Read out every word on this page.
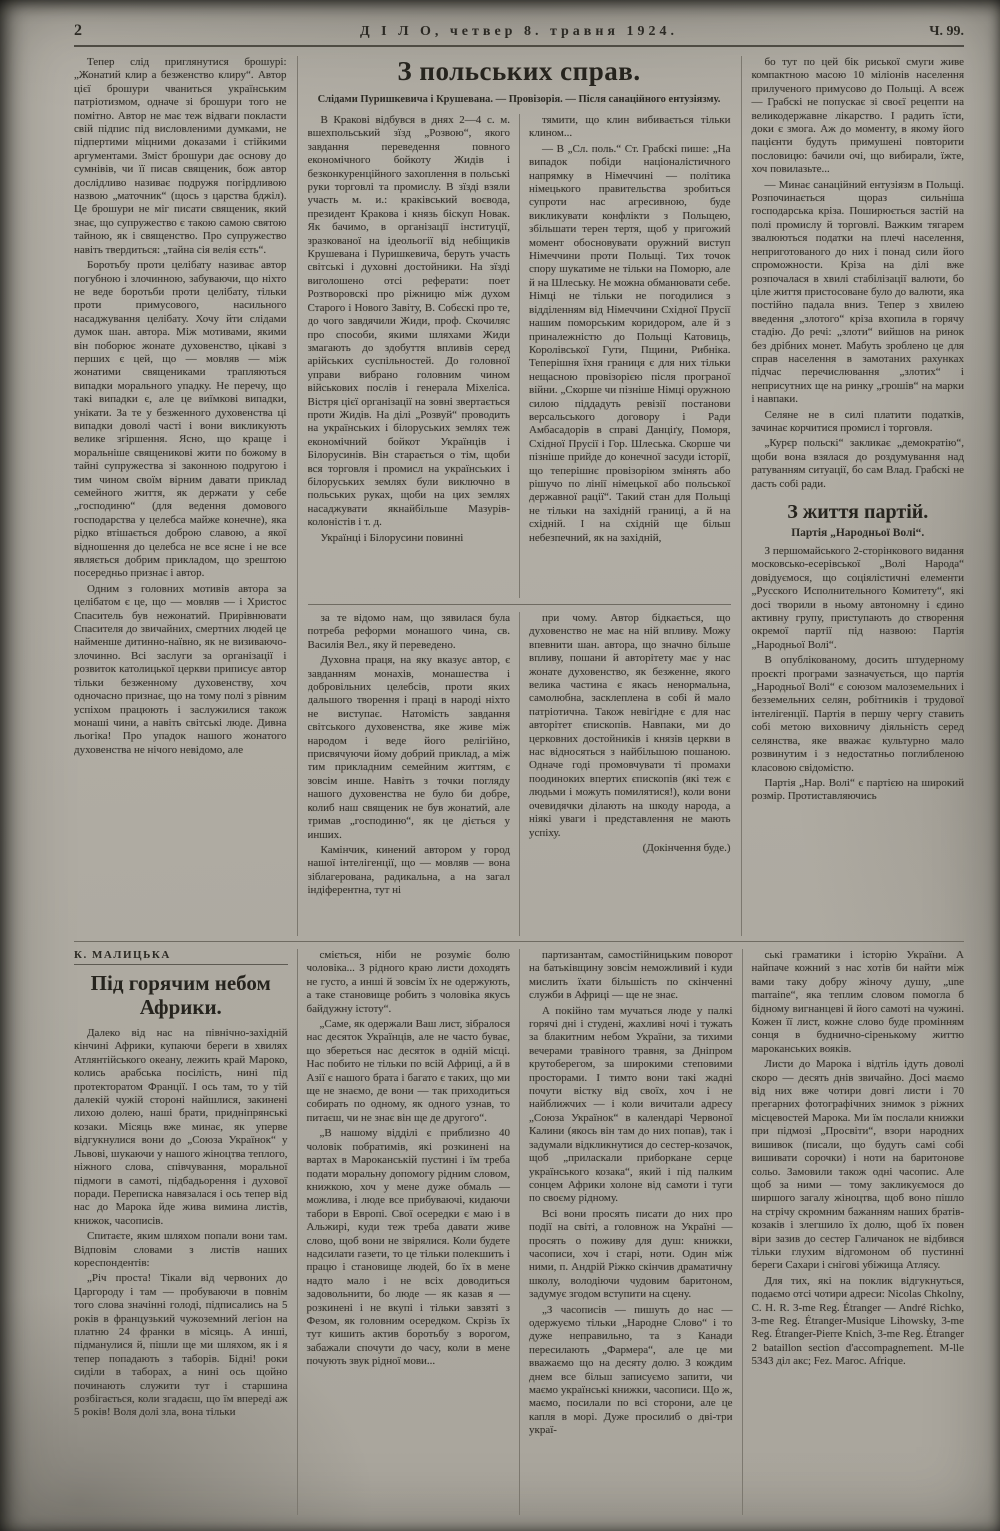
2	Д І Л О, четвер 8. травня 1924.	Ч. 99.

Тепер слід приглянутися брошурі: „Жонатий клир а безженство клиру“. Автор цієї брошури чваниться українським патріотизмом, одначе зі брошури того не помітно. Автор не має теж відваги покласти свій підпис під висловленими думками, не підпертими міцними доказами і стійкими аргументами. Зміст брошури дає основу до сумнівів, чи її писав священик, бож автор дослідливо називає подружя погірдливою назвою „маточник“ (щось з царства бджіл). Це брошури не міг писати священик, який знає, що супружество є такою самою святою тайною, як і священство. Про супружество навіть твердиться: „тайна сія велія єсть“.

Боротьбу проти целібату називає автор погубною і злочинною, забуваючи, що ніхто не веде боротьби проти целібату, тільки проти примусового, насильного насаджування целібату. Хочу йти слідами думок шан. автора. Між мотивами, якими він поборює жонате духовенство, цікаві з перших є цей, що — мовляв — між жонатими священиками трапляються випадки морального упадку. Не перечу, що такі випадки є, але це виїмкові випадки, унікати. За те у безженного духовенства ці випадки доволі часті і вони викликують велике згіршення. Ясно, що краще і моральніше священикові жити по божому в тайні супружества зі законною подругою і тим чином своїм вірним давати приклад семейного життя, як держати у себе „господиню“ (для ведення домового господарства у целебса майже конечне), яка рідко втішається доброю славою, а якої відношення до целебса не все ясне і не все являється добрим прикладом, що зрештою посередньо признає і автор.

Одним з головних мотивів автора за целібатом є це, що — мовляв — і Христос Спаситель був нежонатий. Прирівнювати Спасителя до звичайних, смертних людей це найменше дитинно-наївно, як не визиваючо-злочинно. Всі заслуги за організації і розвиток католицької церкви приписує автор тільки безженному духовенству, хоч одночасно признає, що на тому полі з рівним успіхом працюють і заслужилися також монаші чини, а навіть світські люде. Дивна льогіка! Про упадок нашого жонатого духовенства не нічого невідомо, але

З польських справ.
Слідами Пуришкевича і Крушевана. — Провізорія. — Після санаційного ентузіязму.

В Кракові відбувся в днях 2—4 с. м. вшехпольський зїзд „Розвою“, якого завдання переведення повного економічного бойкоту Жидів і безконкуренційного захоплення в польські руки торговлі та промислу. В зїзді взяли участь м. и.: краківський воєвода, президент Кракова і князь біскуп Новак. Як бачимо, в організації інституції, зразкованої на ідеольогії від небіщиків Крушевана і Пуришкевича, беруть участь світські і духовні достойники. На зїзді виголошено отсі реферати: поет Розтворовскі про ріжницю між духом Старого і Нового Завіту, В. Собєскі про те, до чого завдячили Жиди, проф. Скочиляс про способи, якими шляхами Жиди змагають до здобуття впливів серед арійських суспільностей. До головної управи вибрано головним чином військових послів і генерала Міхеліса. Вістря цієї організації на зовні звертається проти Жидів. На ділі „Розвуй“ проводить на українських і білоруських землях теж економічний бойкот Українців і Білорусинів. Він старається о тім, щоби вся торговля і промисл на українських і білоруських землях були виключно в польських руках, щоби на цих землях насаджувати якнайбільше Мазурів-колоністів і т. д.

Українці і Білорусини повинні

тямити, що клин вибивається тільки клином...

— В „Сл. поль.“ Ст. Грабскі пише: „На випадок побіди націоналістичного напрямку в Німеччині — політика німецького правительства зробиться супроти нас агресивною, буде викликувати конфлікти з Польщею, збільшати терен тертя, щоб у пригожий момент обосновувати оружний виступ Німеччини проти Польщі. Тих точок спору шукатиме не тільки на Поморю, але й на Шлеську. Не можна обманювати себе. Німці не тільки не погодилися з відділенням від Німеччини Східної Прусії нашим поморським коридором, але й з приналежністю до Польщі Катовиць, Королівської Гути, Пщини, Рибніка. Теперішня їхня границя є для них тільки нещасною провізорією після програної війни. „Скорше чи пізніше Німці оружною силою піддадуть ревізії постанови версальського договору і Ради Амбасадорів в справі Данціґу, Поморя, Східної Прусії і Гор. Шлеська. Скорше чи пізніше прийде до конечної засуди історії, що теперішнє провізоріюм змінять або рішучо по лінії німецької або польської державної рації“. Такий стан для Польщі не тільки на західній границі, а й на східній. І на східній ще більш небезпечний, як на західній,

за те відомо нам, що зявилася була потреба реформи монашого чина, св. Василія Вел., яку й переведено.

Духовна праця, на яку вказує автор, є завданням монахів, монашества і добровільних целебсів, проти яких дальшого творення і праці в народі ніхто не виступає. Натомість завдання світського духовенства, яке живе між народом і веде його релігійно, присвячуючи йому добрий приклад, а між тим прикладним семейним життям, є зовсім инше. Навіть з точки погляду нашого духовенства не було би добре, колиб наш священик не був жонатий, але тримав „господиню“, як це діється у инших.

Камінчик, кинений автором у город нашої інтелігенції, що — мовляв — вона зіблагерована, радикальна, а на загал індіферентна, тут ні

при чому. Автор бідкається, що духовенство не має на ній впливу. Можу впевнити шан. автора, що значно більше впливу, пошани й авторітету має у нас жонате духовенство, як безженне, якого велика частина є якась ненормальна, самолюбна, засклеплена в собі й мало патріотична. Також невігідне є для нас авторітет єпископів. Навпаки, ми до церковних достойників і князів церкви в нас відносяться з найбільшою пошаною. Одначе годі промовчувати ті промахи поодиноких впертих єпископів (які теж є людьми і можуть помилятися!), коли вони очевидячки ділають на шкоду народа, а ніякі уваги і представлення не мають успіху.

(Докінчення буде.)

бо тут по цей бік риської смуги живе компактною масою 10 міліонів населення прилученого примусово до Польщі. А всеж — Грабскі не попускає зі своєї рецепти на великодержавне лікарство. І радить їсти, доки є змога. Аж до моменту, в якому його пацієнти будуть примушені повторити пословицю: бачили очі, що вибирали, їжте, хоч повилазьте...

— Минає санаційний ентузіязм в Польщі. Розпочинається щораз сильніша господарська кріза. Поширюється застій на полі промислу й торговлі. Важким тягарем звалюються податки на плечі населення, неприготованого до них і понад сили його спроможности. Кріза на ділі вже розпочалася в хвилі стабілізації валюти, бо ціле життя пристосоване було до валюти, яка постійно падала вниз. Тепер з хвилею введення „злотого“ кріза вхопила в горячу стадію. До речі: „злоти“ вийшов на ринок без дрібних монет. Мабуть зроблено це для справ населення в замотаних рахунках підчас перечислювання „злотих“ і неприсутних ще на ринку „грошів“ на марки і навпаки.

Селяне не в силі платити податків, зачинає корчитися промисл і торговля.

„Курєр польскі“ закликає „демократію“, щоби вона взялася до роздумування над ратуванням ситуації, бо сам Влад. Грабскі не дасть собі ради.

З життя партій.
Партія „Народньої Волі“.

З першомайського 2-сторінкового видання московсько-есерівської „Волі Народа“ довідуємося, що соціялістичні елементи „Русского Исполнительного Комитету“, які досі творили в ньому автономну і єдино активну групу, приступають до створення окремої партії під назвою: Партія „Народньої Волі“.

В опублікованому, досить штудерному проєкті програми зазначується, що партія „Народньої Волі“ є союзом малоземельних і безземельних селян, робітників і трудової інтелігенції. Партія в першу чергу ставить собі метою виховничу діяльність серед селянства, яке вважає культурно мало розвинутим і з недостатньо поглибленою класовою свідомістю.

Партія „Нар. Волі“ є партією на широкий розмір. Протиставляючись

К. МАЛИЦЬКА
Під горячим небом Африки.

Далеко від нас на північно-західній кінчині Африки, купаючи береги в хвилях Атлянтійського океану, лежить край Мароко, колись арабська посілість, нині під протекторатом Франції. І ось там, то у тій далекій чужій стороні найшлися, закинені лихою долею, наші брати, придніпрянські козаки. Місяць вже минає, як уперве відгукнулися вони до „Союза Українок“ у Львові, шукаючи у нашого жіноцтва теплого, ніжного слова, співчування, моральної підмоги в самоті, підбадьорення і духової поради. Переписка навязалася і ось тепер від нас до Марока йде жива вимина листів, книжок, часописів.

Спитаєте, яким шляхом попали вони там. Відповім словами з листів наших кореспондентів:

„Річ проста! Тікали від червоних до Царгороду і там — пробуваючи в повнім того слова значінні голоді, підписались на 5 років в французький чужоземний легіон на платню 24 франки в місяць. А инші, підманулися й, пішли ще ми шляхом, як і я тепер попадають з таборів. Бідні! роки сиділи в таборах, а нині ось щойно починають служити тут і старшина розбігається, коли згадаєш, що їм впереді аж 5 років! Воля долі зла, вона тільки

сміється, ніби не розуміє болю чоловіка... З рідного краю листи доходять не густо, а инші й зовсім їх не одержують, а таке становище робить з чоловіка якусь байдужну істоту“.

„Саме, як одержали Ваш лист, зібралося нас десяток Українців, але не часто буває, що збереться нас десяток в одній місці. Нас побито не тільки по всій Африці, а й в Азії є нашого брата і багато є таких, що ми ще не знаємо, де вони — так приходиться собирать по одному, як одного узнав, то питаєш, чи не знає він ще де другого“.

„В нашому відділі є приблизно 40 чоловік побратимів, які розкинені на вартах в Мароканській пустині і їм треба подати моральну допомогу рідним словом, книжкою, хоч у мене дуже обмаль — можлива, і люде все прибуваючі, кидаючи табори в Европі. Свої осередки є маю і в Альжирі, куди теж треба давати живе слово, щоб вони не звірялися. Коли будете надсилати газети, то це тільки полекшить і працю і становище людей, бо їх в мене надто мало і не всіх доводиться задовольнити, бо люде — як казав я — розкинені і не вкупі і тільки завзяті з Фезом, як головним осередком. Скрізь їх тут кишить актив боротьбу з ворогом, забажали спочути до часу, коли в мене почують звук рідної мови...

партизантам, самостійницьким поворот на батьківщину зовсім неможливий і куди мислить їхати більшість по скінченні служби в Африці — ще не знає.

А покійно там мучаться люде у палкі горячі дні і студені, жахливі ночі і тужать за блакитним небом України, за тихими вечерами травіного травня, за Дніпром крутоберегом, за широкими степовими просторами. І тимто вони такі жадні почути вістку від своїх, хоч і не найближчих — і коли вичитали адресу „Союза Українок“ в календарі Червоної Калини (якось він там до них попав), так і задумали відкликнутися до сестер-козачок, щоб „приласкали приборкане серце українського козака“, який і під палким сонцем Африки холоне від самоти і туги по своєму рідному.

Всі вони просять писати до них про події на світі, а головнож на Україні — просять о поживу для душ: книжки, часописи, хоч і старі, ноти. Один між ними, п. Андрій Ріжко скінчив драматичну школу, володіючи чудовим баритоном, задумує згодом вступити на сцену.

„З часописів — пишуть до нас — одержуємо тільки „Народне Слово“ і то дуже неправильно, та з Канади пересилають „Фармера“, але це ми вважаємо що на десяту долю. З кождим днем все більш записуємо запити, чи маємо українські книжки, часописи. Що ж, маємо, посилали по всі сторони, але це капля в морі. Дуже просилиб о дві-три украї-

ські граматики і історію України. А найпаче кожний з нас хотів би найти між вами таку добру жіночу душу, „une marraine“, яка теплим словом помогла б бідному вигнанцеві й його самоті на чужині. Кожен її лист, кожне слово буде промінням сонця в буднично-сіренькому життю мароканських вояків.

Листи до Марока і відтіль ідуть доволі скоро — десять днів звичайно. Досі маємо від них вже чотири довгі листи і 70 прегарних фотографічних знимок з ріжних місцевостей Марока. Ми їм послали книжки при підмозі „Просвіти“, взори народних вишивок (писали, що будуть самі собі вишивати сорочки) і ноти на баритонове сольо. Замовили також одні часопис. Але щоб за ними — тому закликуємося до ширшого загалу жіноцтва, щоб воно пішло на стрічу скромним бажанням наших братів-козаків і злегшило їх долю, щоб їх повен віри зазив до сестер Галичанок не відбився тільки глухим відгомоном об пустинні береги Сахари і снігові убіжища Атлясу.

Для тих, які на поклик відгукнуться, подаємо отсі чотири адреси: Nicolas Chkolny, C. H. R. 3-me Reg. Étranger — André Richko, 3-me Reg. Étranger-Musique Lihowsky, 3-me Reg. Étranger-Pierre Knich, 3-me Reg. Étranger 2 bataillon section d'accompagnement. M-lle 5343 діл акс; Fez. Maroc. Afrique.
